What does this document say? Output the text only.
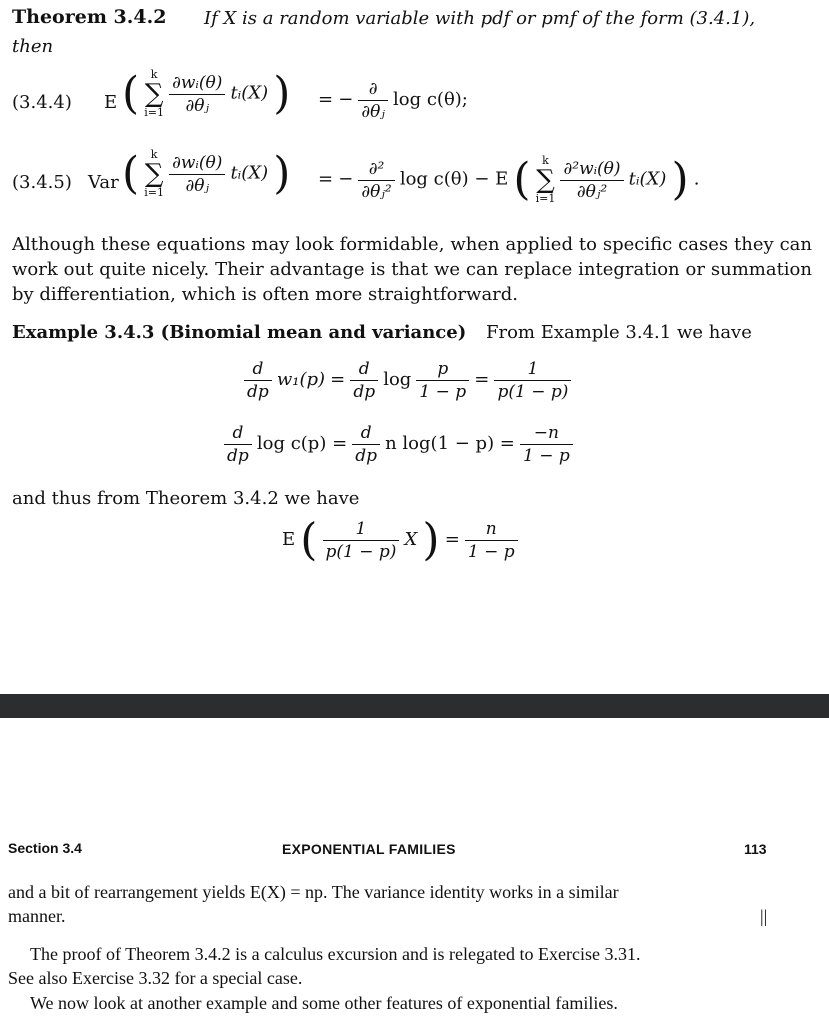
Theorem 3.4.2 If X is a random variable with pdf or pmf of the form (3.4.1),
then
(3.4.4) E (	k
∑
i=1
$\frac{\text{∂wᵢ(θ)}}{\text{∂θⱼ}}$ tᵢ(X) ) = − $\frac{\partial}{\text{∂θⱼ}}$ log c(θ);
(3.4.5) Var (	k
∑
i=1
$\frac{\text{∂wᵢ(θ)}}{\text{∂θⱼ}}$ tᵢ(X) ) = − $\frac{\text{∂²}}{\text{∂θⱼ²}}$ log c(θ) − E (	k
∑
i=1
$\frac{\text{∂²wᵢ(θ)}}{\text{∂θⱼ²}}$ tᵢ(X) ) .
Although these equations may look formidable, when applied to specific cases they can work out quite nicely. Their advantage is that we can replace integration or summation by differentiation, which is often more straightforward.
Example 3.4.3 (Binomial mean and variance) From Example 3.4.1 we have
$\frac{d}{dp} w_1(p) = \frac{d}{dp}$ $\log \frac{p}{1 - p} = \frac{1}{p(1 - p)}$
$\frac{d}{dp}$ $\log c(p) = \frac{d}{dp}$ n $\log(1 - p) = \frac{-n}{1 - p}$
and thus from Theorem 3.4.2 we have
E ( $\frac{1}{p(1 - p)}$ X ) = $\frac{n}{1 - p}$
Section 3.4	EXPONENTIAL FAMILIES	113
and a bit of rearrangement yields E(X) = np. The variance identity works in a similar
manner.	||
The proof of Theorem 3.4.2 is a calculus excursion and is relegated to Exercise 3.31.
See also Exercise 3.32 for a special case.
We now look at another example and some other features of exponential families.
